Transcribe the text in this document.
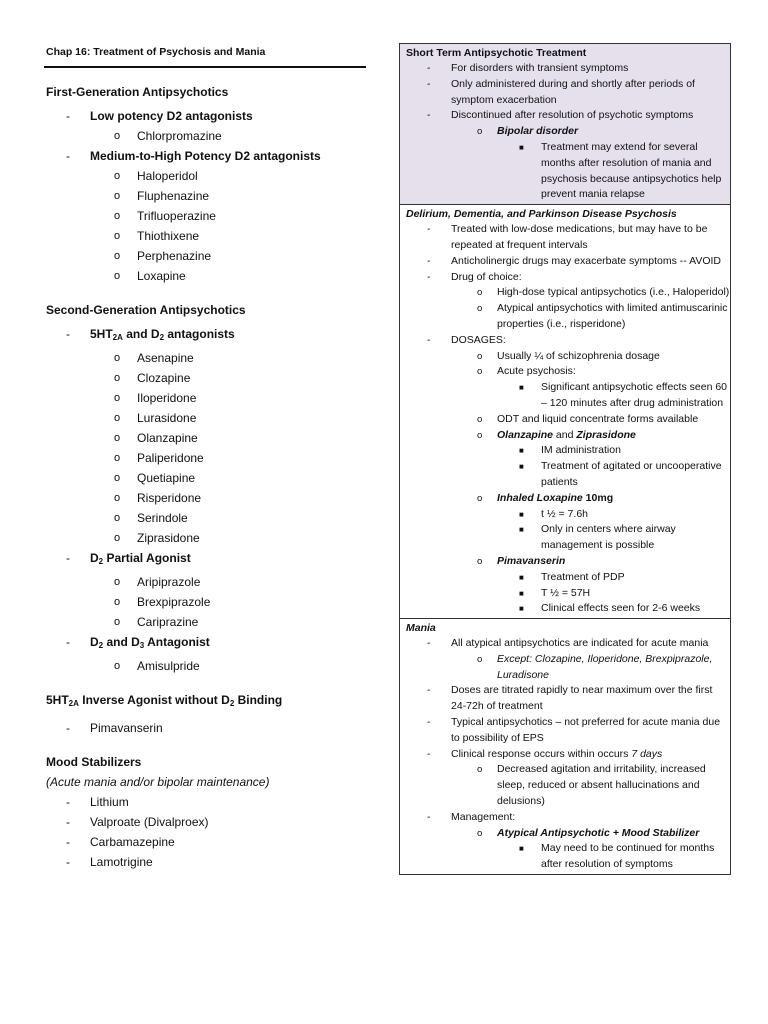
Chap 16: Treatment of Psychosis and Mania
First-Generation Antipsychotics
- Low potency D2 antagonists
o Chlorpromazine
- Medium-to-High Potency D2 antagonists
o Haloperidol
o Fluphenazine
o Trifluoperazine
o Thiothixene
o Perphenazine
o Loxapine
Second-Generation Antipsychotics
- $5HT_{2A}$ and $D_2$ antagonists
o Asenapine
o Clozapine
o Iloperidone
o Lurasidone
o Olanzapine
o Paliperidone
o Quetiapine
o Risperidone
o Serindole
o Ziprasidone
- $D_2$ Partial Agonist
o Aripiprazole
o Brexpiprazole
o Cariprazine
- $D_2$ and $D_3$ Antagonist
o Amisulpride
$5HT_{2A}$ Inverse Agonist without $D_2$ Binding
- Pimavanserin
Mood Stabilizers
(Acute mania and/or bipolar maintenance)
- Lithium
- Valproate (Divalproex)
- Carbamazepine
- Lamotrigine
Short Term Antipsychotic Treatment
- For disorders with transient symptoms
- Only administered during and shortly after periods of symptom exacerbation
- Discontinued after resolution of psychotic symptoms
o Bipolar disorder
■ Treatment may extend for several months after resolution of mania and psychosis because antipsychotics help prevent mania relapse
Delirium, Dementia, and Parkinson Disease Psychosis
- Treated with low-dose medications, but may have to be repeated at frequent intervals
- Anticholinergic drugs may exacerbate symptoms -- AVOID
- Drug of choice:
o High-dose typical antipsychotics (i.e., Haloperidol)
o Atypical antipsychotics with limited antimuscarinic properties (i.e., risperidone)
- DOSAGES:
o Usually ¼ of schizophrenia dosage
o Acute psychosis:
■ Significant antipsychotic effects seen 60 – 120 minutes after drug administration
o ODT and liquid concentrate forms available
o Olanzapine and Ziprasidone
■ IM administration
■ Treatment of agitated or uncooperative patients
o Inhaled Loxapine 10mg
■ t ½ = 7.6h
■ Only in centers where airway management is possible
o Pimavanserin
■ Treatment of PDP
■ T ½ = 57H
■ Clinical effects seen for 2-6 weeks
Mania
- All atypical antipsychotics are indicated for acute mania
o Except: Clozapine, Iloperidone, Brexpiprazole, Luradisone
- Doses are titrated rapidly to near maximum over the first 24-72h of treatment
- Typical antipsychotics – not preferred for acute mania due to possibility of EPS
- Clinical response occurs within occurs 7 days
o Decreased agitation and irritability, increased sleep, reduced or absent hallucinations and delusions)
- Management:
o Atypical Antipsychotic + Mood Stabilizer
■ May need to be continued for months after resolution of symptoms
